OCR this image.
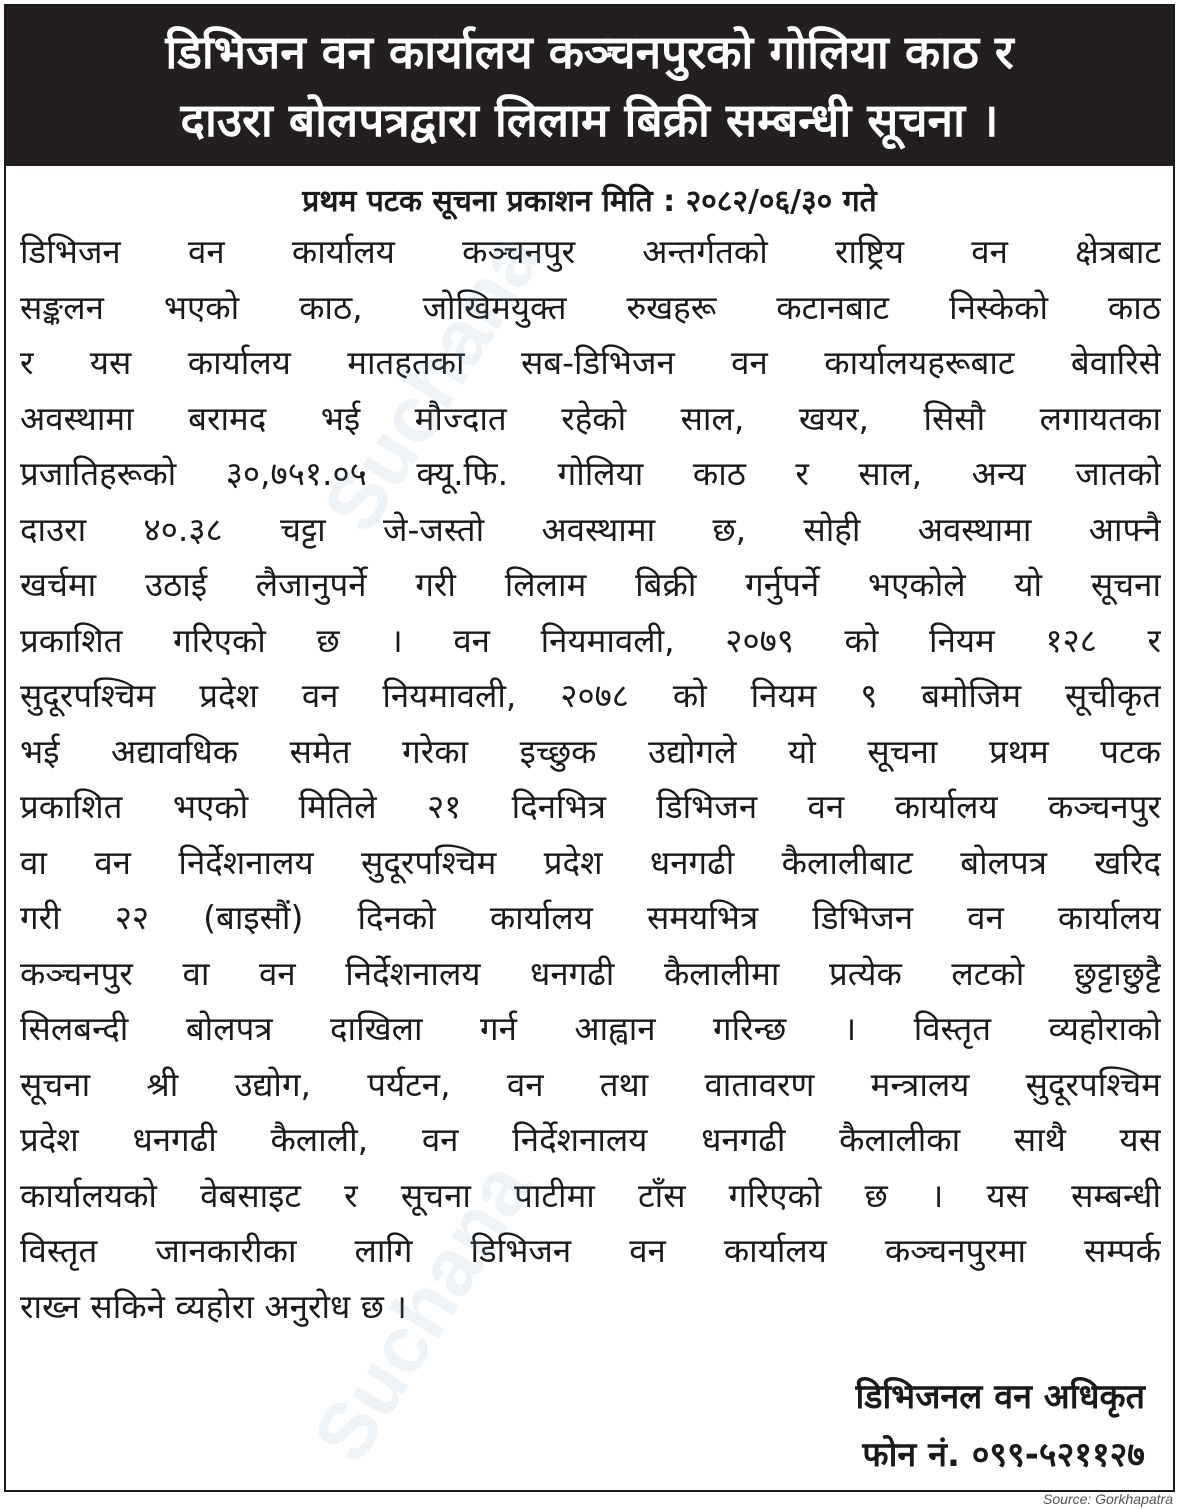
डिभिजन वन कार्यालय कञ्चनपुरको गोलिया काठ र
दाउरा बोलपत्रद्वारा लिलाम बिक्री सम्बन्धी सूचना ।
प्रथम पटक सूचना प्रकाशन मिति : २०८२/०६/३० गते
डिभिजन वन कार्यालय कञ्चनपुर अन्तर्गतको राष्ट्रिय वन क्षेत्रबाट
सङ्कलन भएको काठ, जोखिमयुक्त रुखहरू कटानबाट निस्केको काठ
र यस कार्यालय मातहतका सब-डिभिजन वन कार्यालयहरूबाट बेवारिसे
अवस्थामा बरामद भई मौज्दात रहेको साल, खयर, सिसौ लगायतका
प्रजातिहरूको ३०,७५१.०५ क्यू.फि. गोलिया काठ र साल, अन्य जातको
दाउरा ४०.३८ चट्टा जे-जस्तो अवस्थामा छ, सोही अवस्थामा आफ्नै
खर्चमा उठाई लैजानुपर्ने गरी लिलाम बिक्री गर्नुपर्ने भएकोले यो सूचना
प्रकाशित गरिएको छ । वन नियमावली, २०७९ को नियम १२८ र
सुदूरपश्चिम प्रदेश वन नियमावली, २०७८ को नियम ९ बमोजिम सूचीकृत
भई अद्यावधिक समेत गरेका इच्छुक उद्योगले यो सूचना प्रथम पटक
प्रकाशित भएको मितिले २१ दिनभित्र डिभिजन वन कार्यालय कञ्चनपुर
वा वन निर्देशनालय सुदूरपश्चिम प्रदेश धनगढी कैलालीबाट बोलपत्र खरिद
गरी २२ (बाइसौं) दिनको कार्यालय समयभित्र डिभिजन वन कार्यालय
कञ्चनपुर वा वन निर्देशनालय धनगढी कैलालीमा प्रत्येक लटको छुट्टाछुट्टै
सिलबन्दी बोलपत्र दाखिला गर्न आह्वान गरिन्छ । विस्तृत व्यहोराको
सूचना श्री उद्योग, पर्यटन, वन तथा वातावरण मन्त्रालय सुदूरपश्चिम
प्रदेश धनगढी कैलाली, वन निर्देशनालय धनगढी कैलालीका साथै यस
कार्यालयको वेबसाइट र सूचना पाटीमा टाँस गरिएको छ । यस सम्बन्धी
विस्तृत जानकारीका लागि डिभिजन वन कार्यालय कञ्चनपुरमा सम्पर्क
राख्न सकिने व्यहोरा अनुरोध छ ।
डिभिजनल वन अधिकृत
फोन नं. ०९९-५२११२७
Suchana
Suchana
Source: Gorkhapatra
